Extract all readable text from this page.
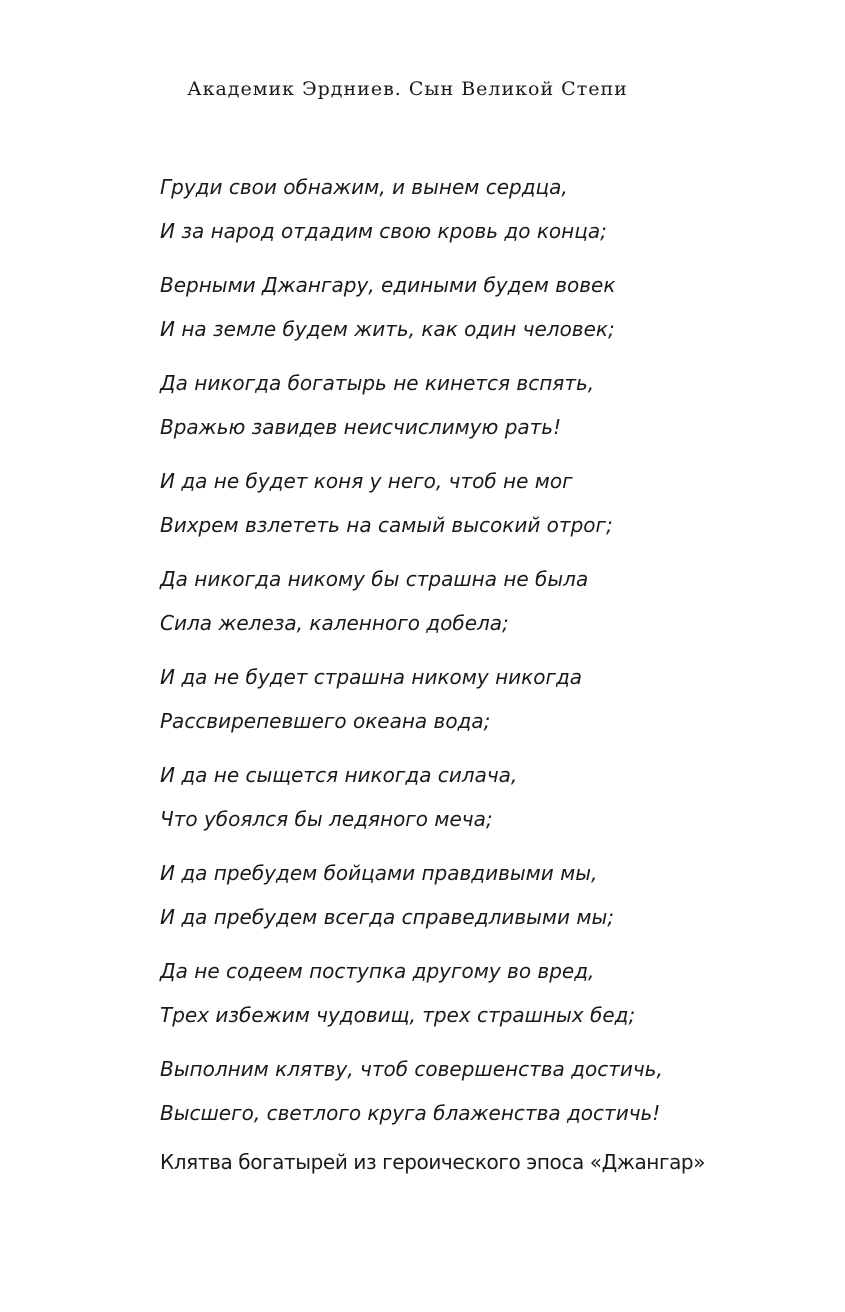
Академик Эрдниев. Сын Великой Степи
Груди свои обнажим, и вынем сердца,
И за народ отдадим свою кровь до конца;
Верными Джангару, едиными будем вовек
И на земле будем жить, как один человек;
Да никогда богатырь не кинется вспять,
Вражью завидев неисчислимую рать!
И да не будет коня у него, чтоб не мог
Вихрем взлететь на самый высокий отрог;
Да никогда никому бы страшна не была
Сила железа, каленного добела;
И да не будет страшна никому никогда
Рассвирепевшего океана вода;
И да не сыщется никогда силача,
Что убоялся бы ледяного меча;
И да пребудем бойцами правдивыми мы,
И да пребудем всегда справедливыми мы;
Да не содеем поступка другому во вред,
Трех избежим чудовищ, трех страшных бед;
Выполним клятву, чтоб совершенства достичь,
Высшего, светлого круга блаженства достичь!
Клятва богатырей из героического эпоса «Джангар»
